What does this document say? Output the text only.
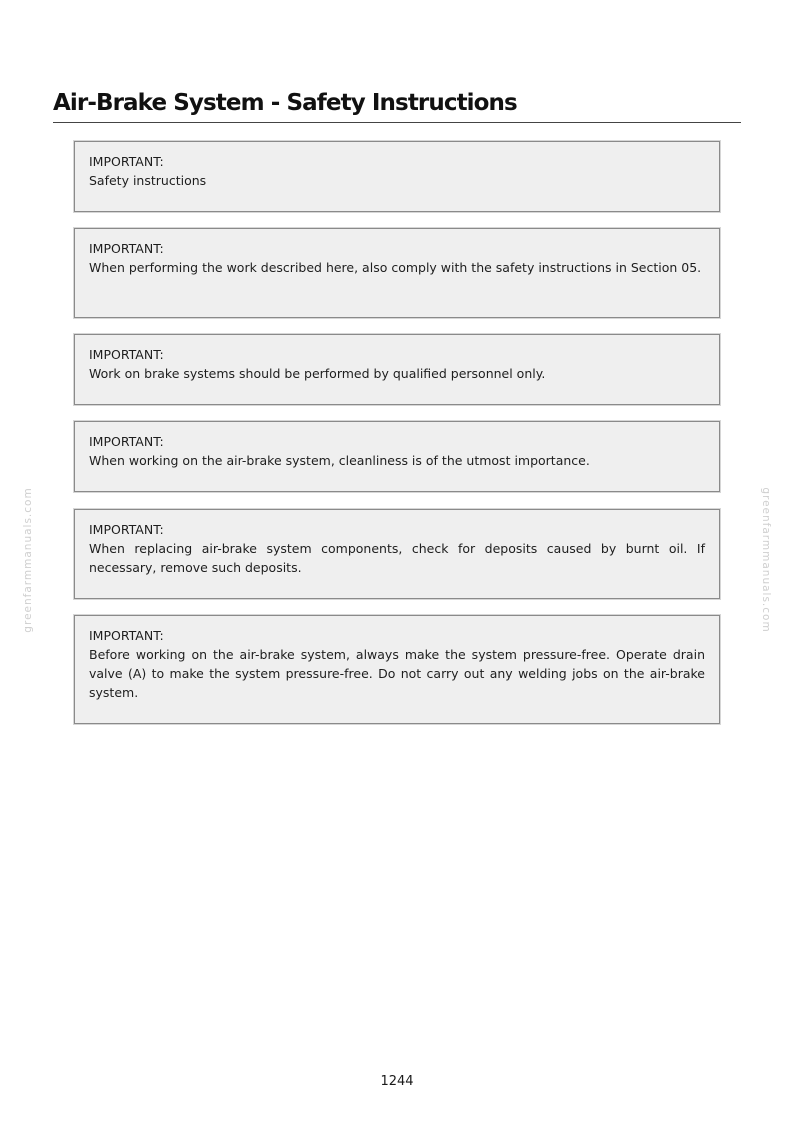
Air-Brake System - Safety Instructions
IMPORTANT:
Safety instructions
IMPORTANT:
When performing the work described here, also comply with the safety instructions in Section 05.
IMPORTANT:
Work on brake systems should be performed by qualified personnel only.
IMPORTANT:
When working on the air-brake system, cleanliness is of the utmost importance.
IMPORTANT:
When replacing air-brake system components, check for deposits caused by burnt oil. If necessary, remove such deposits.
IMPORTANT:
Before working on the air-brake system, always make the system pressure-free. Operate drain valve (A) to make the system pressure-free. Do not carry out any welding jobs on the air-brake system.
greenfarmmanuals.com	greenfarmmanuals.com
1244
